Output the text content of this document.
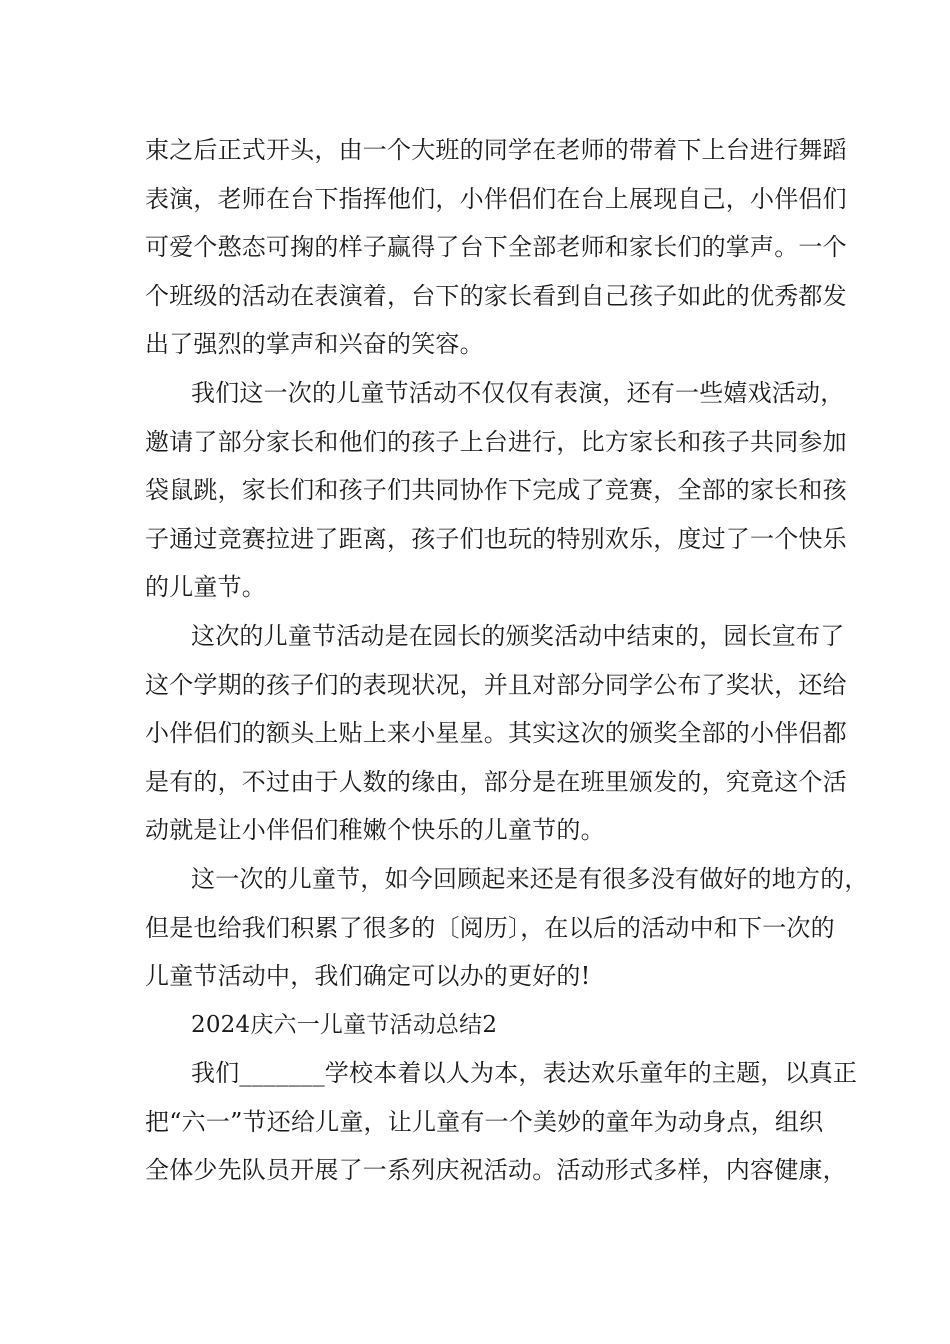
束之后正式开头，由一个大班的同学在老师的带着下上台进行舞蹈
表演，老师在台下指挥他们，小伴侣们在台上展现自己，小伴侣们
可爱个憨态可掬的样子赢得了台下全部老师和家长们的掌声。一个
个班级的活动在表演着，台下的家长看到自己孩子如此的优秀都发
出了强烈的掌声和兴奋的笑容。
我们这一次的儿童节活动不仅仅有表演，还有一些嬉戏活动，
邀请了部分家长和他们的孩子上台进行，比方家长和孩子共同参加
袋鼠跳，家长们和孩子们共同协作下完成了竞赛，全部的家长和孩
子通过竞赛拉进了距离，孩子们也玩的特别欢乐，度过了一个快乐
的儿童节。
这次的儿童节活动是在园长的颁奖活动中结束的，园长宣布了
这个学期的孩子们的表现状况，并且对部分同学公布了奖状，还给
小伴侣们的额头上贴上来小星星。其实这次的颁奖全部的小伴侣都
是有的，不过由于人数的缘由，部分是在班里颁发的，究竟这个活
动就是让小伴侣们稚嫩个快乐的儿童节的。
这一次的儿童节，如今回顾起来还是有很多没有做好的地方的，
但是也给我们积累了很多的〔阅历〕，在以后的活动中和下一次的
儿童节活动中，我们确定可以办的更好的!
2024庆六一儿童节活动总结2
我们_______学校本着以人为本，表达欢乐童年的主题，以真正
把“六一”节还给儿童，让儿童有一个美妙的童年为动身点，组织
全体少先队员开展了一系列庆祝活动。活动形式多样，内容健康，
